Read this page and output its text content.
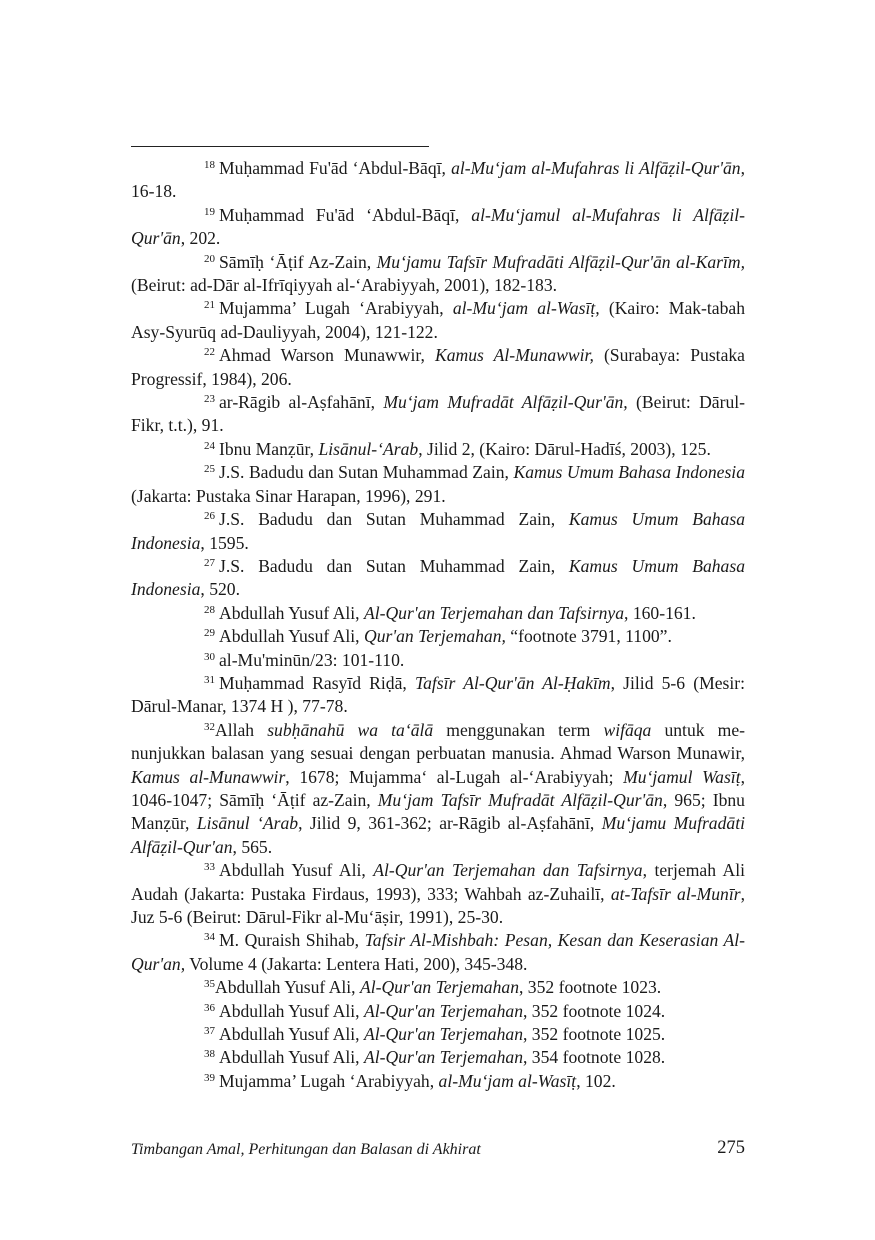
$^{18}$ Muḥammad Fu'ād ‘Abdul-Bāqī, al-Mu‘jam al-Mufahras li Alfāẓil-Qur'ān, 16-18.

$^{19}$ Muḥammad Fu'ād ‘Abdul-Bāqī, al-Mu‘jamul al-Mufahras li Alfāẓil-Qur'ān, 202.

$^{20}$ Sāmīḥ ‘Āṭif Az-Zain, Mu‘jamu Tafsīr Mufradāti Alfāẓil-Qur'ān al-Karīm, (Beirut: ad-Dār al-Ifrīqiyyah al-‘Arabiyyah, 2001), 182-183.

$^{21}$ Mujamma’ Lugah ‘Arabiyyah, al-Mu‘jam al-Wasīṭ, (Kairo: Mak-tabah Asy-Syurūq ad-Dauliyyah, 2004), 121-122.

$^{22}$ Ahmad Warson Munawwir, Kamus Al-Munawwir, (Surabaya: Pustaka Progressif, 1984), 206.

$^{23}$ ar-Rāgib al-Aṣfahānī, Mu‘jam Mufradāt Alfāẓil-Qur'ān, (Beirut: Dārul-Fikr, t.t.), 91.

$^{24}$ Ibnu Manẓūr, Lisānul-‘Arab, Jilid 2, (Kairo: Dārul-Hadīś, 2003), 125.

$^{25}$ J.S. Badudu dan Sutan Muhammad Zain, Kamus Umum Bahasa Indonesia (Jakarta: Pustaka Sinar Harapan, 1996), 291.

$^{26}$ J.S. Badudu dan Sutan Muhammad Zain, Kamus Umum Bahasa Indonesia, 1595.

$^{27}$ J.S. Badudu dan Sutan Muhammad Zain, Kamus Umum Bahasa Indonesia, 520.

$^{28}$ Abdullah Yusuf Ali, Al-Qur'an Terjemahan dan Tafsirnya, 160-161.

$^{29}$ Abdullah Yusuf Ali, Qur'an Terjemahan, “footnote 3791, 1100”.

$^{30}$ al-Mu'minūn/23: 101-110.

$^{31}$ Muḥammad Rasyīd Riḍā, Tafsīr Al-Qur'ān Al-Ḥakīm, Jilid 5-6 (Mesir: Dārul-Manar, 1374 H ), 77-78.

$^{32}$Allah subḥānahū wa ta‘ālā menggunakan term wifāqa untuk me-nunjukkan balasan yang sesuai dengan perbuatan manusia. Ahmad Warson Munawir, Kamus al-Munawwir, 1678; Mujamma‘ al-Lugah al-‘Arabiyyah; Mu‘jamul Wasīṭ, 1046-1047; Sāmīḥ ‘Āṭif az-Zain, Mu‘jam Tafsīr Mufradāt Alfāẓil-Qur'ān, 965; Ibnu Manẓūr, Lisānul ‘Arab, Jilid 9, 361-362; ar-Rāgib al-Aṣfahānī, Mu‘jamu Mufradāti Alfāẓil-Qur'an, 565.

$^{33}$ Abdullah Yusuf Ali, Al-Qur'an Terjemahan dan Tafsirnya, terjemah Ali Audah (Jakarta: Pustaka Firdaus, 1993), 333; Wahbah az-Zuhailī, at-Tafsīr al-Munīr, Juz 5-6 (Beirut: Dārul-Fikr al-Mu‘āṣir, 1991), 25-30.

$^{34}$ M. Quraish Shihab, Tafsir Al-Mishbah: Pesan, Kesan dan Keserasian Al-Qur'an, Volume 4 (Jakarta: Lentera Hati, 200), 345-348.

$^{35}$Abdullah Yusuf Ali, Al-Qur'an Terjemahan, 352 footnote 1023.

$^{36}$ Abdullah Yusuf Ali, Al-Qur'an Terjemahan, 352 footnote 1024.

$^{37}$ Abdullah Yusuf Ali, Al-Qur'an Terjemahan, 352 footnote 1025.

$^{38}$ Abdullah Yusuf Ali, Al-Qur'an Terjemahan, 354 footnote 1028.

$^{39}$ Mujamma’ Lugah ‘Arabiyyah, al-Mu‘jam al-Wasīṭ, 102.

Timbangan Amal, Perhitungan dan Balasan di Akhirat	275
